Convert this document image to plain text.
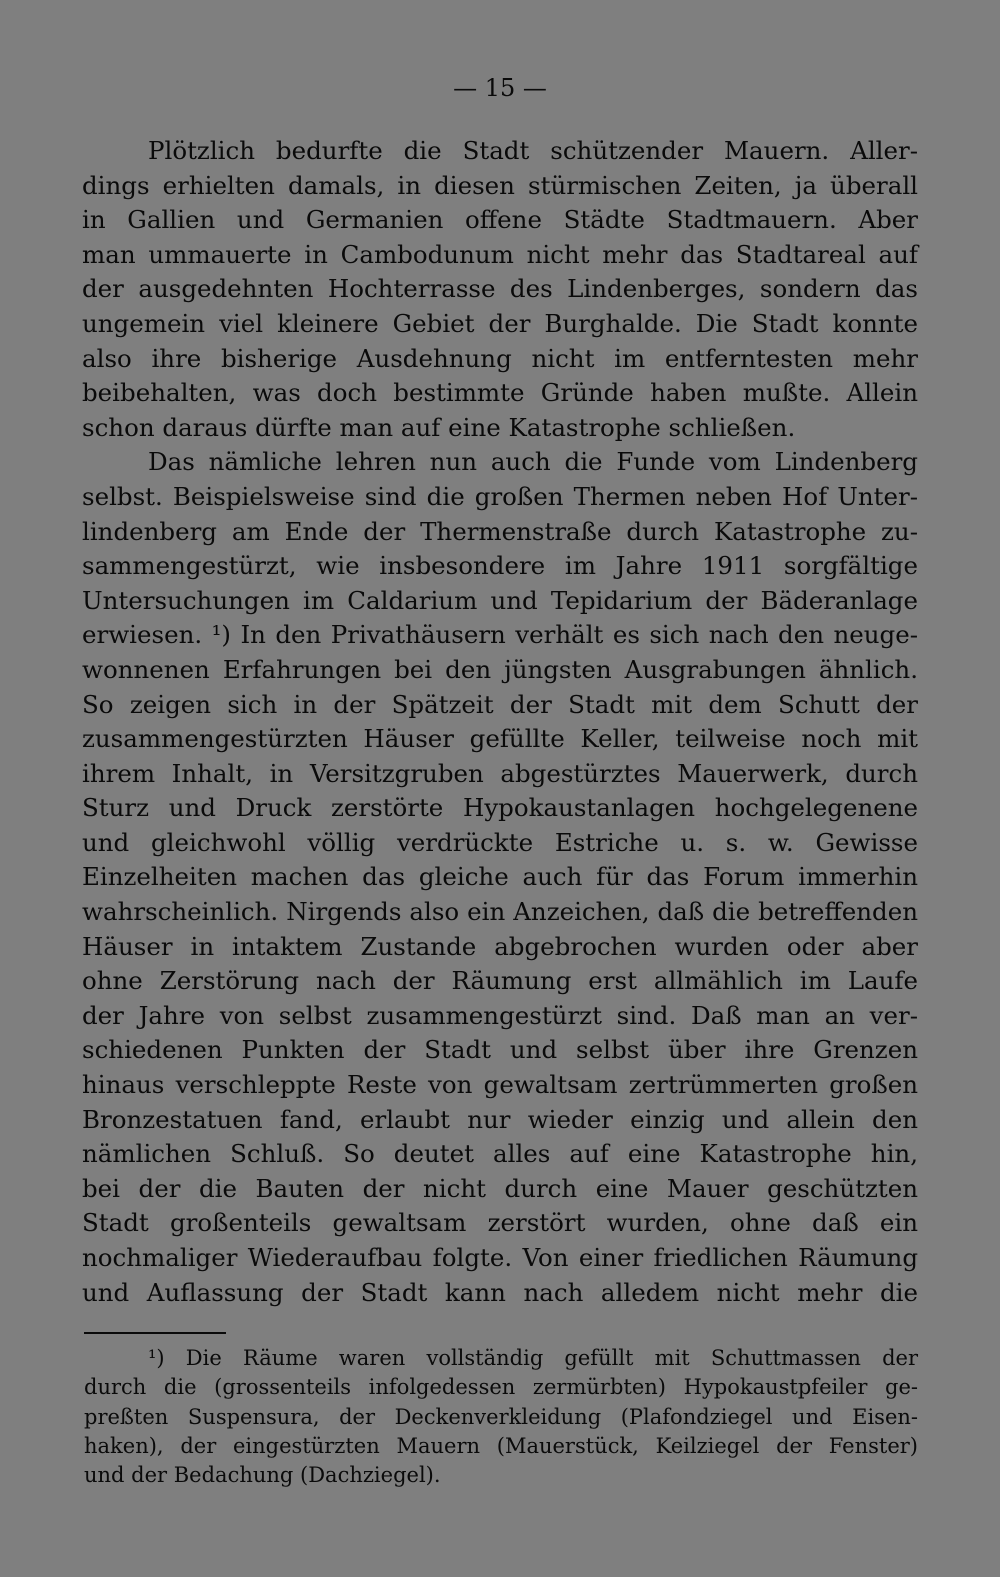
— 15 —
Plötzlich bedurfte die Stadt schützender Mauern. Aller-
dings erhielten damals, in diesen stürmischen Zeiten, ja überall
in Gallien und Germanien offene Städte Stadtmauern. Aber
man ummauerte in Cambodunum nicht mehr das Stadtareal auf
der ausgedehnten Hochterrasse des Lindenberges, sondern das
ungemein viel kleinere Gebiet der Burghalde. Die Stadt konnte
also ihre bisherige Ausdehnung nicht im entferntesten mehr
beibehalten, was doch bestimmte Gründe haben mußte. Allein
schon daraus dürfte man auf eine Katastrophe schließen.
Das nämliche lehren nun auch die Funde vom Lindenberg
selbst. Beispielsweise sind die großen Thermen neben Hof Unter-
lindenberg am Ende der Thermenstraße durch Katastrophe zu-
sammengestürzt, wie insbesondere im Jahre 1911 sorgfältige
Untersuchungen im Caldarium und Tepidarium der Bäderanlage
erwiesen. ¹) In den Privathäusern verhält es sich nach den neuge-
wonnenen Erfahrungen bei den jüngsten Ausgrabungen ähnlich.
So zeigen sich in der Spätzeit der Stadt mit dem Schutt der
zusammengestürzten Häuser gefüllte Keller, teilweise noch mit
ihrem Inhalt, in Versitzgruben abgestürztes Mauerwerk, durch
Sturz und Druck zerstörte Hypokaustanlagen hochgelegenene
und gleichwohl völlig verdrückte Estriche u. s. w. Gewisse
Einzelheiten machen das gleiche auch für das Forum immerhin
wahrscheinlich. Nirgends also ein Anzeichen, daß die betreffenden
Häuser in intaktem Zustande abgebrochen wurden oder aber
ohne Zerstörung nach der Räumung erst allmählich im Laufe
der Jahre von selbst zusammengestürzt sind. Daß man an ver-
schiedenen Punkten der Stadt und selbst über ihre Grenzen
hinaus verschleppte Reste von gewaltsam zertrümmerten großen
Bronzestatuen fand, erlaubt nur wieder einzig und allein den
nämlichen Schluß. So deutet alles auf eine Katastrophe hin,
bei der die Bauten der nicht durch eine Mauer geschützten
Stadt großenteils gewaltsam zerstört wurden, ohne daß ein
nochmaliger Wiederaufbau folgte. Von einer friedlichen Räumung
und Auflassung der Stadt kann nach alledem nicht mehr die
¹) Die Räume waren vollständig gefüllt mit Schuttmassen der
durch die (grossenteils infolgedessen zermürbten) Hypokaustpfeiler ge-
preßten Suspensura, der Deckenverkleidung (Plafondziegel und Eisen-
haken), der eingestürzten Mauern (Mauerstück, Keilziegel der Fenster)
und der Bedachung (Dachziegel).
